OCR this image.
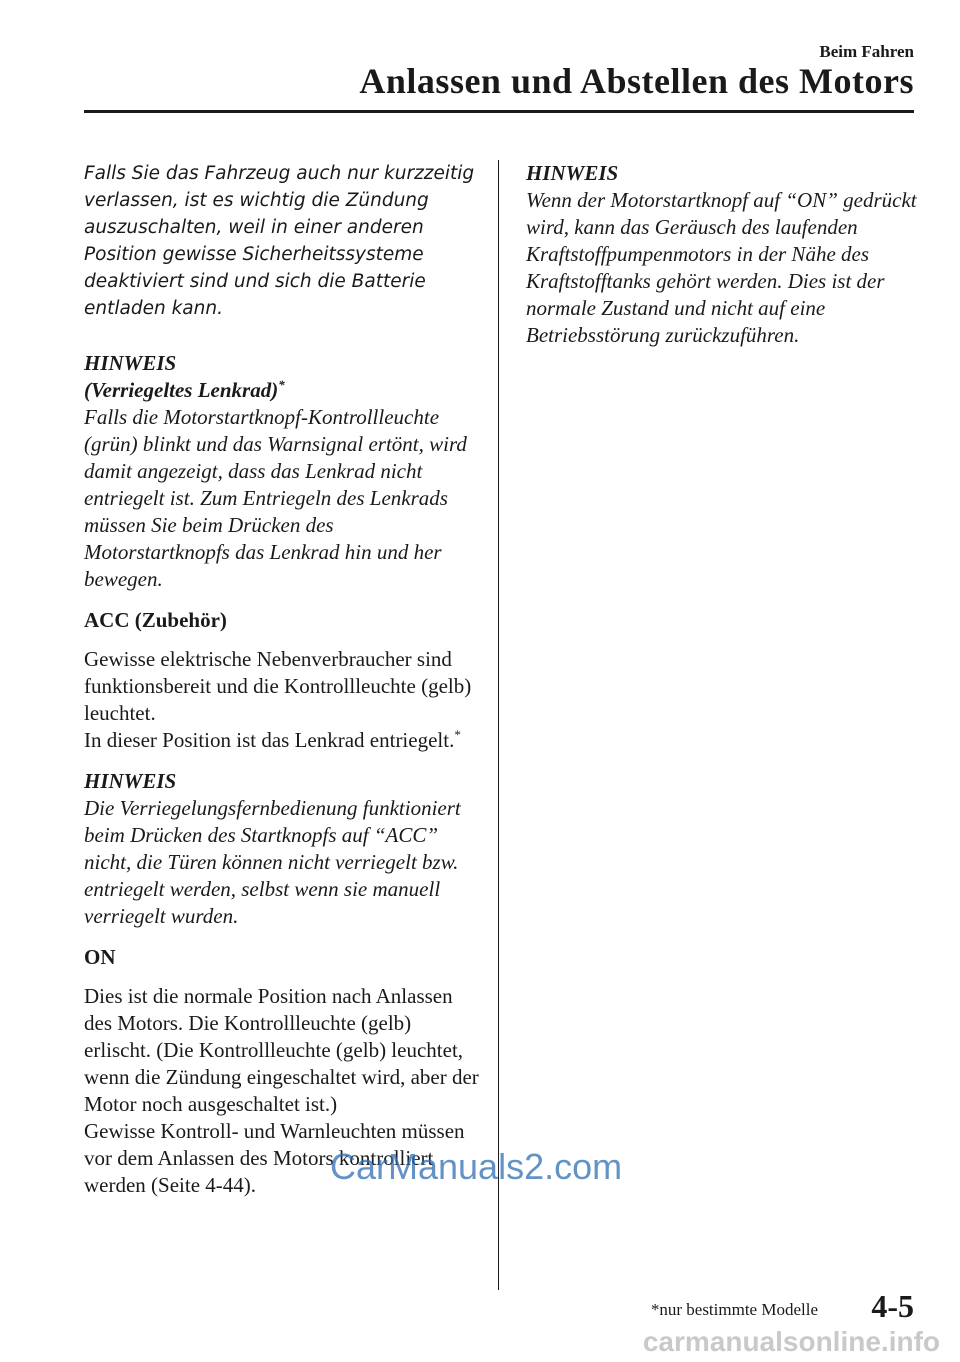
Beim Fahren
Anlassen und Abstellen des Motors

Falls Sie das Fahrzeug auch nur kurzzeitig verlassen, ist es wichtig die Zündung auszuschalten, weil in einer anderen Position gewisse Sicherheitssysteme deaktiviert sind und sich die Batterie entladen kann.

HINWEIS

(Verriegeltes Lenkrad)*

Falls die Motorstartknopf-Kontrollleuchte (grün) blinkt und das Warnsignal ertönt, wird damit angezeigt, dass das Lenkrad nicht entriegelt ist. Zum Entriegeln des Lenkrads müssen Sie beim Drücken des Motorstartknopfs das Lenkrad hin und her bewegen.

ACC (Zubehör)

Gewisse elektrische Nebenverbraucher sind funktionsbereit und die Kontrollleuchte (gelb) leuchtet.

In dieser Position ist das Lenkrad entriegelt.*

HINWEIS

Die Verriegelungsfernbedienung funktioniert beim Drücken des Startknopfs auf “ACC” nicht, die Türen können nicht verriegelt bzw. entriegelt werden, selbst wenn sie manuell verriegelt wurden.

ON

Dies ist die normale Position nach Anlassen des Motors. Die Kontrollleuchte (gelb) erlischt. (Die Kontrollleuchte (gelb) leuchtet, wenn die Zündung eingeschaltet wird, aber der Motor noch ausgeschaltet ist.)

Gewisse Kontroll- und Warnleuchten müssen vor dem Anlassen des Motors kontrolliert werden (Seite 4-44).

HINWEIS

Wenn der Motorstartknopf auf “ON” gedrückt wird, kann das Geräusch des laufenden Kraftstoffpumpenmotors in der Nähe des Kraftstofftanks gehört werden. Dies ist der normale Zustand und nicht auf eine Betriebsstörung zurückzuführen.

CarManuals2.com
*nur bestimmte Modelle 4-5
carmanualsonline.info
